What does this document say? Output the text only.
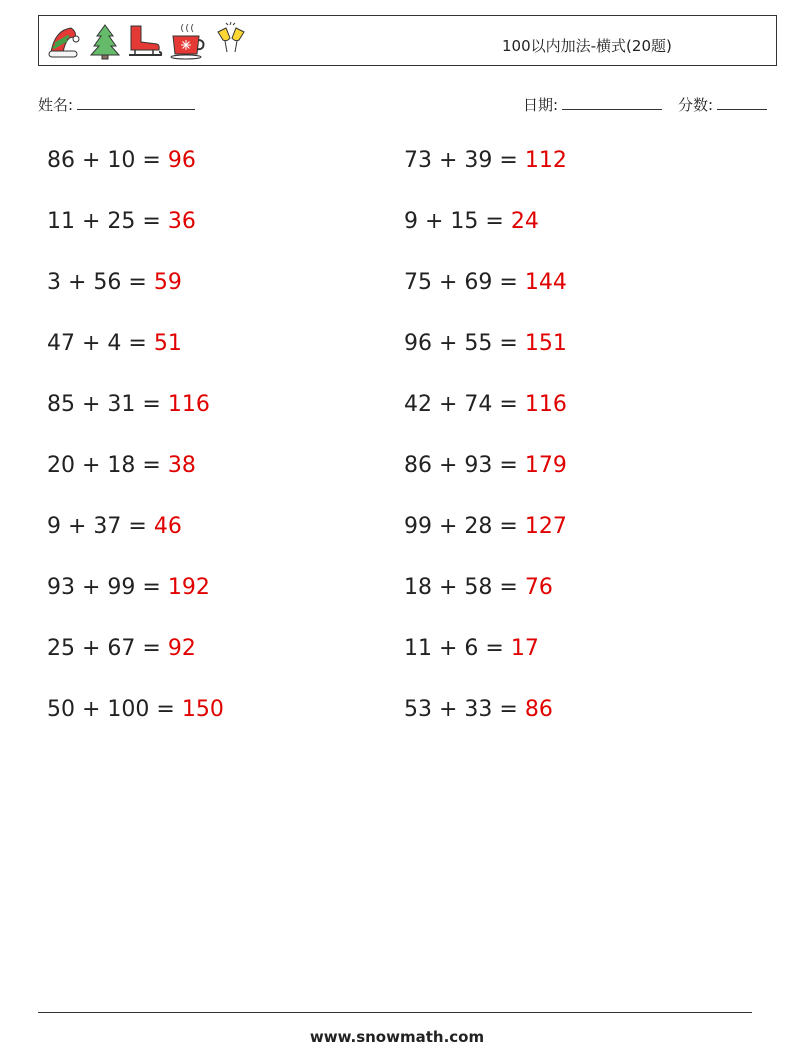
100以内加法-横式(20题)
姓名:	日期:	分数:
86 + 10 = 96
11 + 25 = 36
3 + 56 = 59
47 + 4 = 51
85 + 31 = 116
20 + 18 = 38
9 + 37 = 46
93 + 99 = 192
25 + 67 = 92
50 + 100 = 150
73 + 39 = 112
9 + 15 = 24
75 + 69 = 144
96 + 55 = 151
42 + 74 = 116
86 + 93 = 179
99 + 28 = 127
18 + 58 = 76
11 + 6 = 17
53 + 33 = 86
www.snowmath.com
